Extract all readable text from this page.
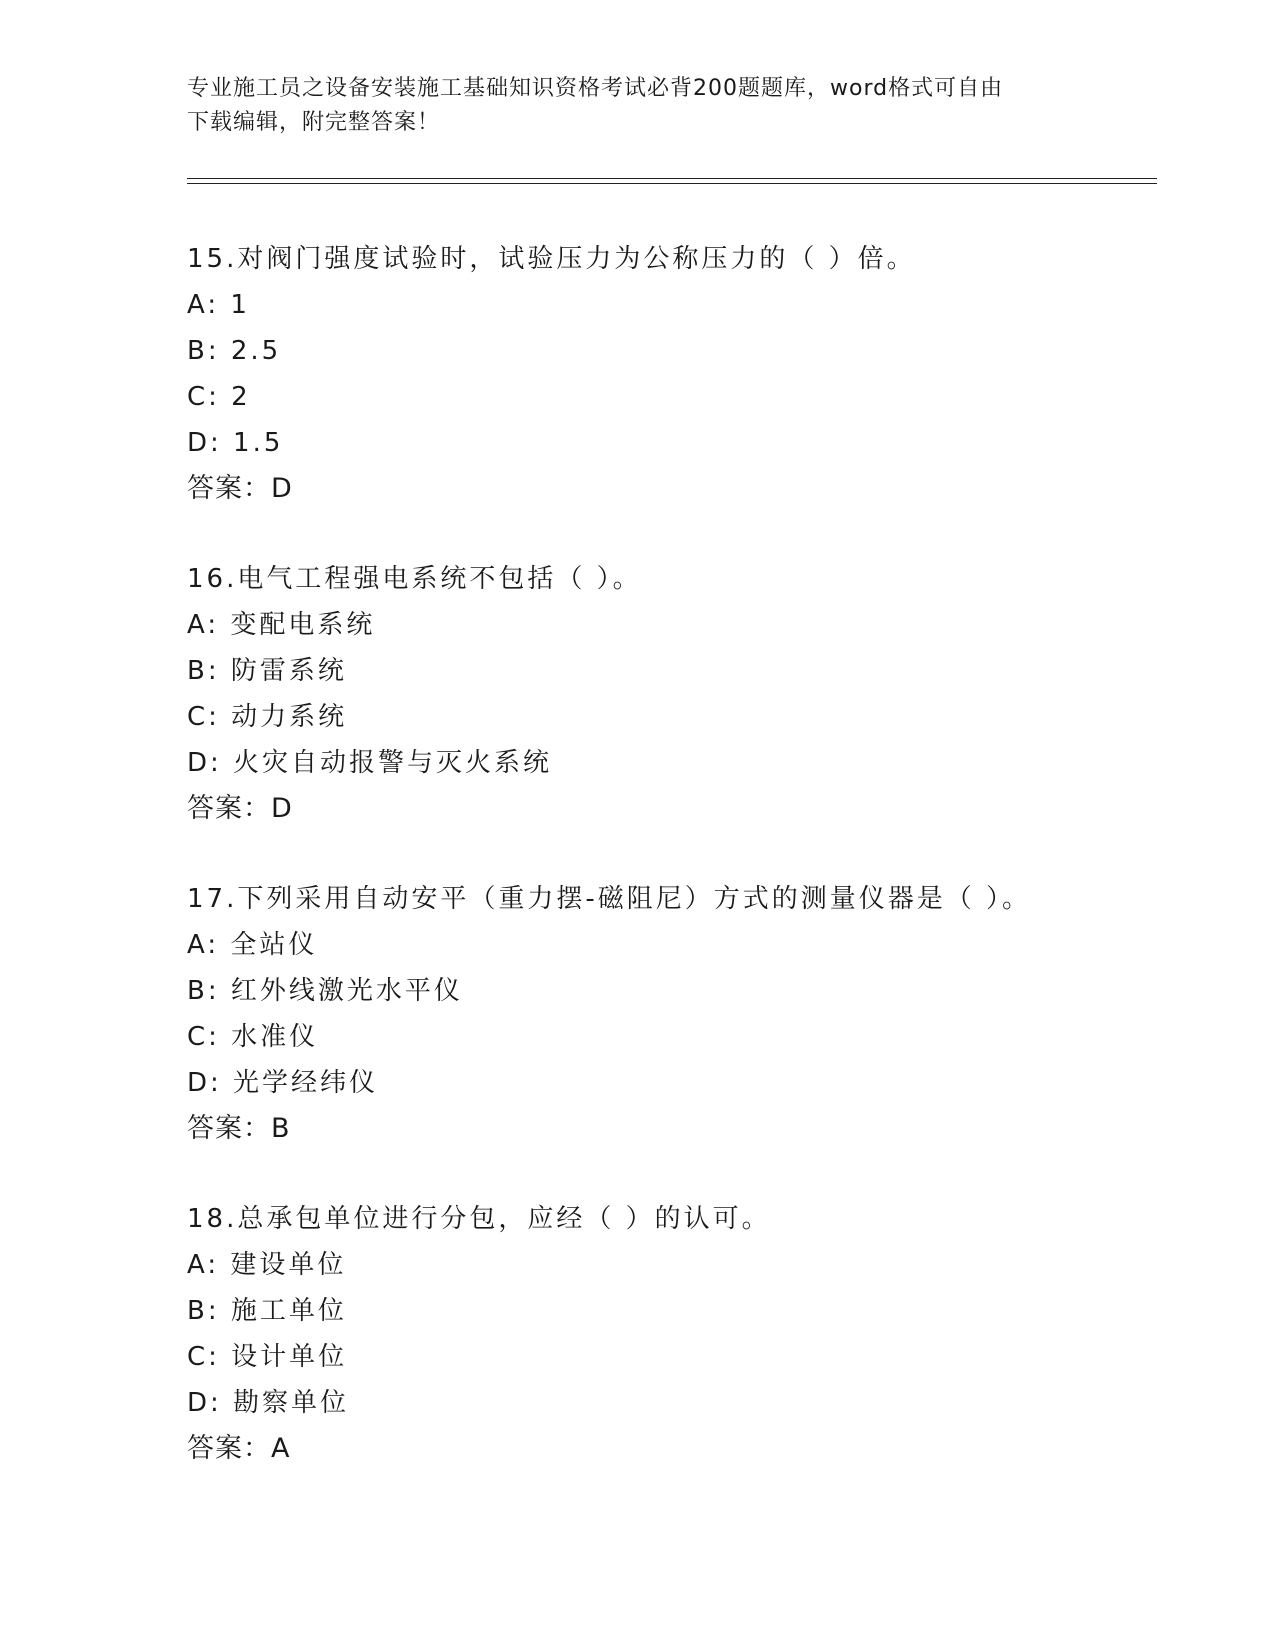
专业施工员之设备安装施工基础知识资格考试必背200题题库，word格式可自由
下载编辑，附完整答案！
15.对阀门强度试验时，试验压力为公称压力的（ ）倍。
A: 1
B: 2.5
C: 2
D: 1.5
答案：D
16.电气工程强电系统不包括（ ）。
A: 变配电系统
B: 防雷系统
C: 动力系统
D: 火灾自动报警与灭火系统
答案：D
17.下列采用自动安平（重力摆-磁阻尼）方式的测量仪器是（ ）。
A: 全站仪
B: 红外线激光水平仪
C: 水准仪
D: 光学经纬仪
答案：B
18.总承包单位进行分包，应经（ ）的认可。
A: 建设单位
B: 施工单位
C: 设计单位
D: 勘察单位
答案：A
